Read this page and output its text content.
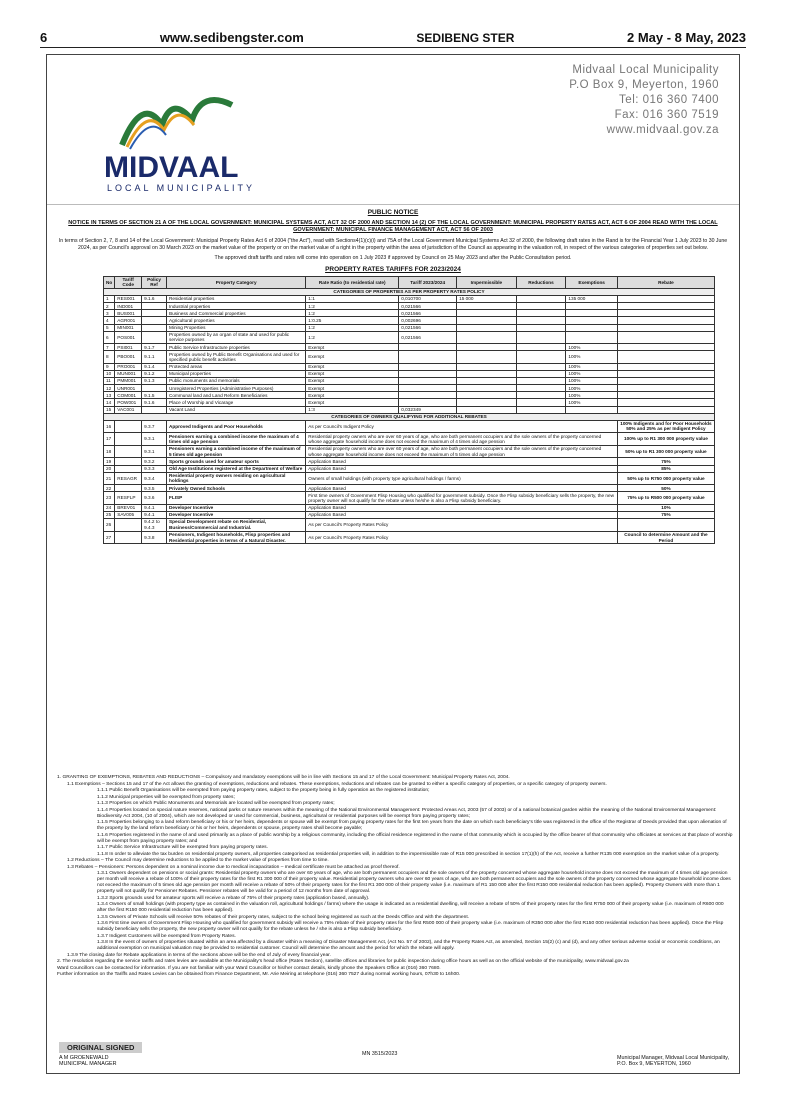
6	www.sedibengster.com	SEDIBENG STER	2 May - 8 May, 2023
MIDVAAL
LOCAL MUNICIPALITY
Midvaal Local Municipality
P.O Box 9, Meyerton, 1960
Tel: 016 360 7400
Fax: 016 360 7519
www.midvaal.gov.za
PUBLIC NOTICE
NOTICE IN TERMS OF SECTION 21 A OF THE LOCAL GOVERNMENT: MUNICIPAL SYSTEMS ACT, ACT 32 OF 2000 AND SECTION 14 (2) OF THE LOCAL GOVERNMENT: MUNICIPAL PROPERTY RATES ACT, ACT 6 OF 2004 READ WITH THE LOCAL GOVERNMENT: MUNICIPAL FINANCE MANAGEMENT ACT, ACT 56 OF 2003
In terms of Section 2, 7, 8 and 14 of the Local Government: Municipal Property Rates Act 6 of 2004 ("the Act"), read with Sections4(1)(c)(i) and 75A of the Local Government Municipal Systems Act 32 of 2000, the following draft rates in the Rand is for the Financial Year 1 July 2023 to 30 June 2024, as per Council's approval on 30 March 2023 on the market value of the property or on the market value of a right in the property within the area of jurisdiction of the Council as appearing in the valuation roll, in respect of the various categories of properties set out below.
The approved draft tariffs and rates will come into operation on 1 July 2023 if approved by Council on 25 May 2023 and after the Public Consultation period.
PROPERTY RATES TARIFFS FOR 2023/2024
No	Tariff Code	Policy Ref	Property Category	Rate Ratio (to residential rate)	Tariff 2023/2024	Impermissible	Reductions	Exemptions	Rebate
CATEGORIES OF PROPERTIES AS PER PROPERTY RATES POLICY									
1	RES001	9.1.6	Residential properties	1:1	0,010700	15 000		135 000	
2	IND001		Industrial properties	1:2	0,021566				
3	BUS001		Business and Commercial properties	1:2	0,021566				
4	AGR001		Agricultural properties	1:0.25	0,002696				
5	MIN001		Mining Properties	1:2	0,021566				
6	POS001		Properties owned by an organ of state and used for public service purposes	1:2	0,021566				
7	PSI001	9.1.7	Public Service Infrastructure properties	Exempt				100%	
8	PBO001	9.1.1	Properties owned by Public Benefit Organisations and used for specified public benefit activities	Exempt				100%	
9	PRO001	9.1.4	Protected areas	Exempt				100%	
10	MUN001	9.1.2	Municipal properties	Exempt				100%	
11	PMM001	9.1.3	Public monuments and memorials	Exempt				100%	
12	UNR001		Unregistered Properties (Administrative Purposes)	Exempt				100%	
13	COM001	9.1.5	Communal land and Land Reform Beneficiaries	Exempt				100%	
14	POW001	9.1.6	Place of Worship and Vicarage	Exempt				100%	
15	VAC001		Vacant Land	1:3	0,032349				
CATEGORIES OF OWNERS QUALIFYING FOR ADDITIONAL REBATES									
16		9.3.7	Approved Indigents and Poor Households	As per Council's Indigent Policy					100% Indigents and for Poor Households 50% and 25% as per Indigent Policy
17		9.3.1	Pensioners earning a combined income the maximum of 4 times old age pension	Residential property owners who are over 60 years of age, who are both permanent occupiers and the sole owners of the property concerned whose aggregate household income does not exceed the maximum of 4 times old age pension					100% up to R1 300 000 property value
18		9.3.1	Pensioners earning a combined income of the maximum of 5 times old age pension	Residential property owners who are over 60 years of age, who are both permanent occupiers and the sole owners of the property concerned whose aggregate household income does not exceed the maximum of 5 times old age pension					50% up to R1 300 000 property value
19		9.3.2	Sports grounds used for amateur sports	Application Based					75%
20		9.3.3	Old Age Institutions registered at the Department of Welfare	Application Based					85%
21	RESAGR	9.3.4	Residential property owners residing on agricultural holdings	Owners of small holdings (with property type agricultural holdings / farms)					50% up to R750 000 property value
22		9.3.5	Privately Owned Schools	Application Based					50%
23	RESFLP	9.3.6	FLISP	First time owners of Government Flisp Housing who qualified for government subsidy. Once the Flisp subsidy beneficiary sells the property, the new property owner will not qualify for the rebate unless he/she is also a Flisp subsidy beneficiary.					75% up to R500 000 property value
24	BREV01	9.4.1	Developer Incentive	Application Based					10%
25	SAV005	9.4.1	Developer Incentive	Application Based					75%
26		9.4.2 to 9.4.3	Special Development rebate on Residential, Business/Commercial and Industrial.	As per Council's Property Rates Policy					
27		9.3.8	Pensioners, Indigent households, Flisp properties and Residential properties in terms of a Natural Disaster.	As per Council's Property Rates Policy					Council to determine Amount and the Period
1. GRANTING OF EXEMPTIONS, REBATES AND REDUCTIONS – Compulsory and mandatory exemptions will be in line with Sections 15 and 17 of the Local Government: Municipal Property Rates Act, 2004.
1.1 Exemptions – Sections 15 and 17 of the Act allows the granting of exemptions, reductions and rebates. These exemptions, reductions and rebates can be granted to either a specific category of properties, or a specific category of property owners.
1.1.1 Public Benefit Organisations will be exempted from paying property rates, subject to the property being in fully operation as the registered institution;
1.1.2 Municipal properties will be exempted from property rates;
1.1.3 Properties on which Public Monuments and Memorials are located will be exempted from property rates;
1.1.4 Properties located on special nature reserves, national parks or nature reserves within the meaning of the National Environmental Management: Protected Areas Act, 2003 (57 of 2003) or of a national botanical garden within the meaning of the National Environmental Management: Biodiversity Act 2004, (10 of 2004), which are not developed or used for commercial, business, agricultural or residential purposes will be exempt from paying property rates;
1.1.5 Properties belonging to a land reform beneficiary or his or her heirs, dependents or spouse will be exempt from paying property rates for the first ten years from the date on which such beneficiary's title was registered in the office of the Registrar of Deeds provided that upon alienation of the property by the land reform beneficiary or his or her heirs, dependents or spouse, property rates shall become payable;
1.1.6 Properties registered in the name of and used primarily as a place of public worship by a religious community, including the official residence registered in the name of that community which is occupied by the office bearer of that community who officiates at services at that place of worship will be exempt from paying property rates; and
1.1.7 Public Service Infrastructure will be exempted from paying property rates.
1.1.8 In order to alleviate the tax burden on residential property owners, all properties categorised as residential properties will, in addition to the impermissible rate of R15 000 prescribed in section 17(1)(h) of the Act, receive a further R135 000 exemption on the market value of a property.
1.2 Reductions – The Council may determine reductions to be applied to the market value of properties from time to time.
1.3 Rebates – Pensioners: Persons dependent on a nominal income due to medical incapacitation – medical certificate must be attached as proof thereof.
1.3.1 Owners dependent on pensions or social grants: Residential property owners who are over 60 years of age, who are both permanent occupiers and the sole owners of the property concerned whose aggregate household income does not exceed the maximum of 4 times old age pension per month will receive a rebate of 100% of their property rates for the first R1 300 000 of their property value. Residential property owners who are over 60 years of age, who are both permanent occupiers and the sole owners of the property concerned whose aggregate household income does not exceed the maximum of 5 times old age pension per month will receive a rebate of 50% of their property rates for the first R1 300 000 of their property value (i.e. maximum of R1 150 000 after the first R150 000 residential reduction has been applied). Property Owners with more than 1 property will not qualify for Pensioner Rebates. Pensioner rebates will be valid for a period of 12 months from date of approval.
1.3.2 Sports grounds used for amateur sports will receive a rebate of 75% of their property rates (application based, annually).
1.3.4 Owners of small holdings (with property type as contained in the valuation roll, agricultural holdings / farms) where the usage is indicated as a residential dwelling, will receive a rebate of 50% of their property rates for the first R750 000 of their property value (i.e. maximum of R600 000 after the first R150 000 residential reduction has been applied).
1.3.5 Owners of Private Schools will receive 50% rebates of their property rates, subject to the school being registered as such at the Deeds Office and with the department.
1.3.6 First time owners of Government Flisp Housing who qualified for government subsidy will receive a 75% rebate of their property rates for the first R500 000 of their property value (i.e. maximum of R350 000 after the first R150 000 residential reduction has been applied). Once the Flisp subsidy beneficiary sells the property, the new property owner will not qualify for the rebate unless he / she is also a Flisp subsidy beneficiary.
1.3.7 Indigent Customers will be exempted from Property Rates.
1.3.8 In the event of owners of properties situated within an area affected by a disaster within a meaning of Disaster Management Act, (Act No. 57 of 2002), and the Property Rates Act, as amended, Section 15(2) (c) and (d), and any other serious adverse social or economic conditions, an additional exemption on municipal valuation may be provided to residential customer. Council will determine the amount and the period for which the rebate will apply.
1.3.9 The closing date for Rebate applications in terms of the sections above will be the end of July of every financial year.
2. The resolution regarding the service tariffs and rates levies are available at the Municipality's head office (Rates Section), satellite offices and libraries for public inspection during office hours as well as on the official website of the municipality, www.midvaal.gov.za
Ward Councillors can be contacted for information. If you are not familiar with your Ward Councillor or his/her contact details, kindly phone the Speakers Office at (016) 360 7680.
Further information on the Tariffs and Rates Levies can be obtained from Finance Department, Mr. Arie Meiring at telephone (016) 360 7527 during normal working hours, 07h30 to 16h00.
ORIGINAL SIGNED
A M GROENEWALD
MUNICIPAL MANAGER
MN 3515/2023
Municipal Manager, Midvaal Local Municipality,
P.O. Box 9, MEYERTON, 1960
